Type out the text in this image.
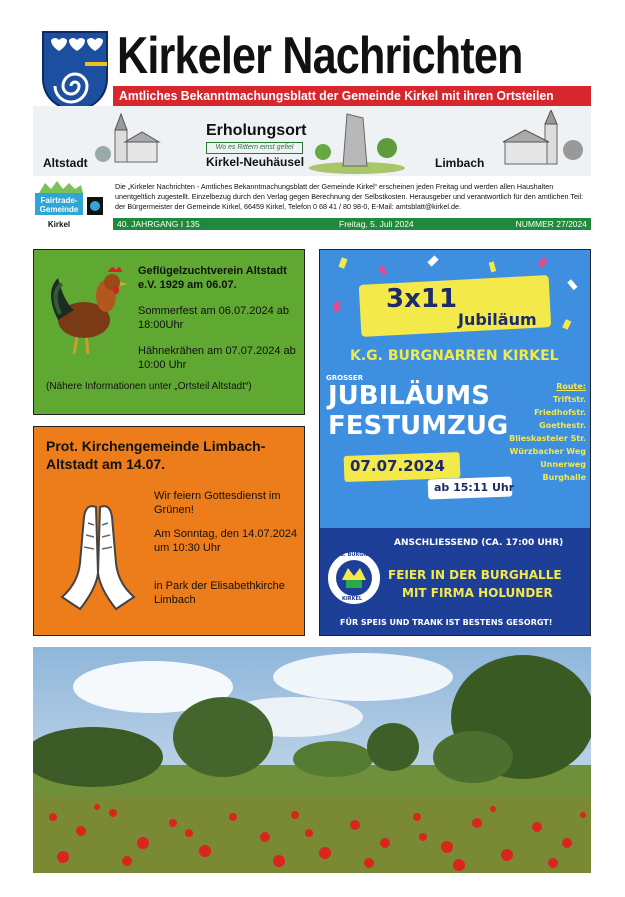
Kirkeler Nachrichten
Amtliches Bekanntmachungsblatt der Gemeinde Kirkel mit ihren Ortsteilen
Altstadt
Erholungsort
Wo es Rittern einst gefiel
Kirkel-Neuhäusel	Limbach
Fairtrade-Gemeinde
Kirkel
Die „Kirkeler Nachrichten - Amtliches Bekanntmachungsblatt der Gemeinde Kirkel“ erscheinen jeden Freitag und werden allen Haushalten unentgeltlich zugestellt. Einzelbezug durch den Verlag gegen Berechnung der Selbstkosten. Herausgeber und verantwortlich für den amtlichen Teil: der Bürgermeister der Gemeinde Kirkel, 66459 Kirkel, Telefon 0 68 41 / 80 98-0, E-Mail: amtsblatt@kirkel.de.
40. JAHRGANG I 135	Freitag, 5. Juli 2024	NUMMER 27/2024
Geflügelzuchtverein Altstadt e.V. 1929 am 06.07.
Sommerfest am 06.07.2024 ab 18:00Uhr
Hähnekrähen am 07.07.2024 ab 10:00 Uhr
(Nähere Informationen unter „Ortsteil Altstadt“)
Prot. Kirchengemeinde Limbach-Altstadt am 14.07.
Wir feiern Gottesdienst im Grünen!
Am Sonntag, den 14.07.2024 um 10:30 Uhr
in Park der Elisabethkirche Limbach
3x11
Jubiläum
K.G. BURGNARREN KIRKEL
GROSSER
JUBILÄUMS
FESTUMZUG
Route:
Triftstr.
Friedhofstr.
Goethestr.
Blieskasteler Str.
Würzbacher Weg
Unnerweg
Burghalle
07.07.2024
ab 15:11 Uhr
ANSCHLIESSEND (CA. 17:00 UHR)
K.G. BURGNARREN
KIRKEL
FEIER IN DER BURGHALLE
MIT FIRMA HOLUNDER
FÜR SPEIS UND TRANK IST BESTENS GESORGT!
